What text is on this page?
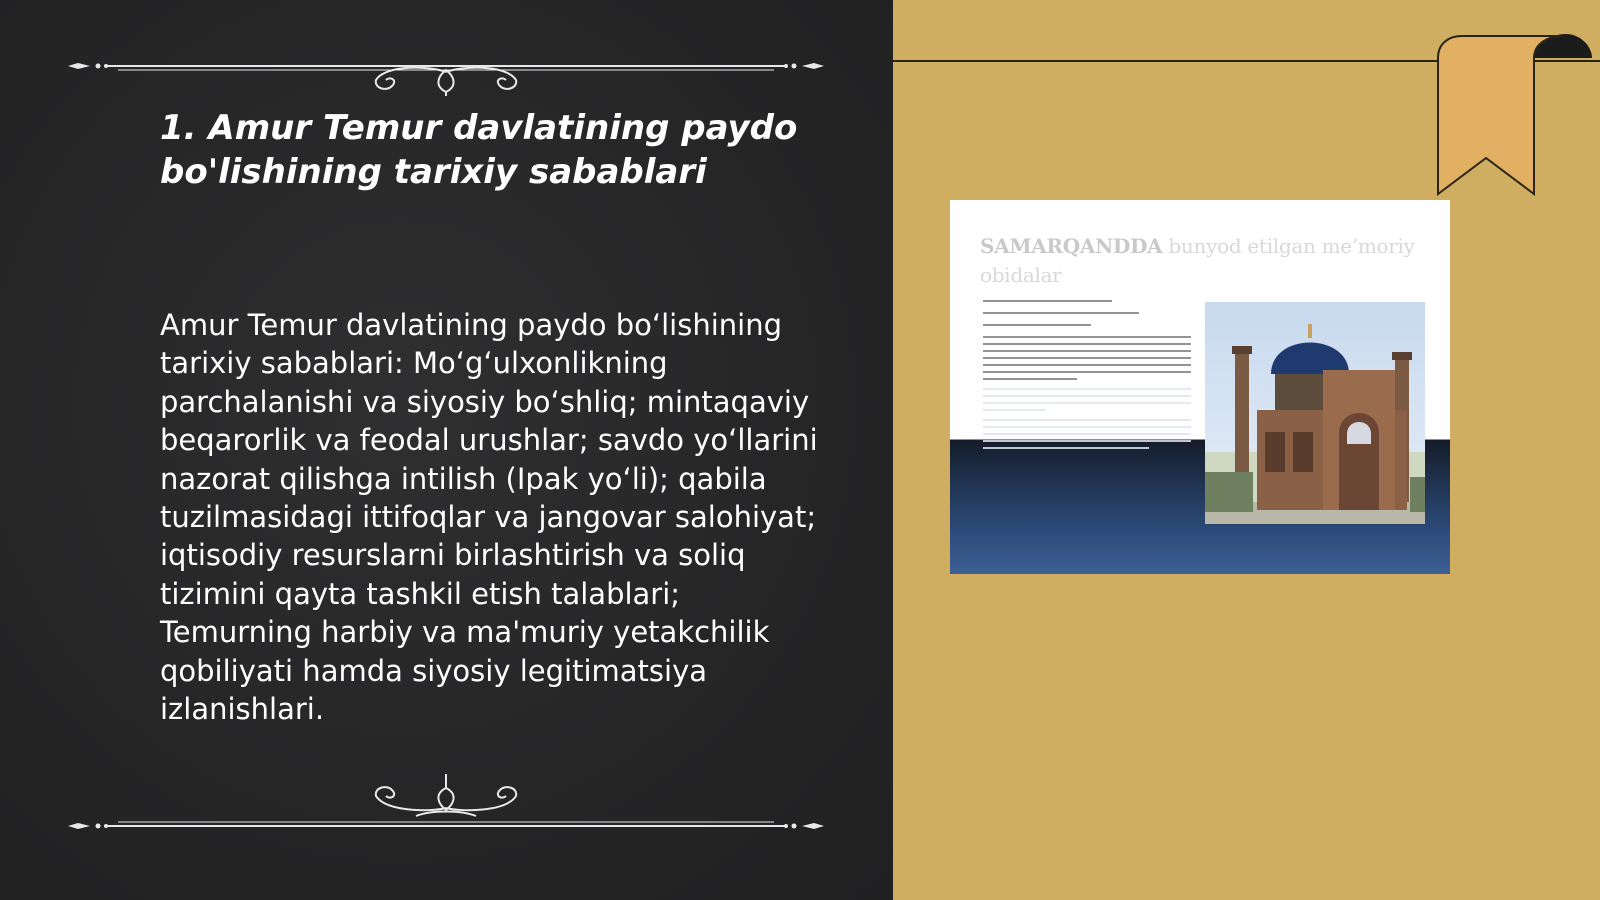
1. Amur Temur davlatining paydo bo'lishining tarixiy sabablari

Amur Temur davlatining paydo bo‘lishining tarixiy sabablari: Mo‘g‘ulxonlikning parchalanishi va siyosiy bo‘shliq; mintaqaviy beqarorlik va feodal urushlar; savdo yo‘llarini nazorat qilishga intilish (Ipak yo‘li); qabila tuzilmasidagi ittifoqlar va jangovar salohiyat; iqtisodiy resurslarni birlashtirish va soliq tizimini qayta tashkil etish talablari; Temurning harbiy va ma'muriy yetakchilik qobiliyati hamda siyosiy legitimatsiya izlanishlari.

SAMARQANDDA bunyod etilgan me’moriy obidalar
